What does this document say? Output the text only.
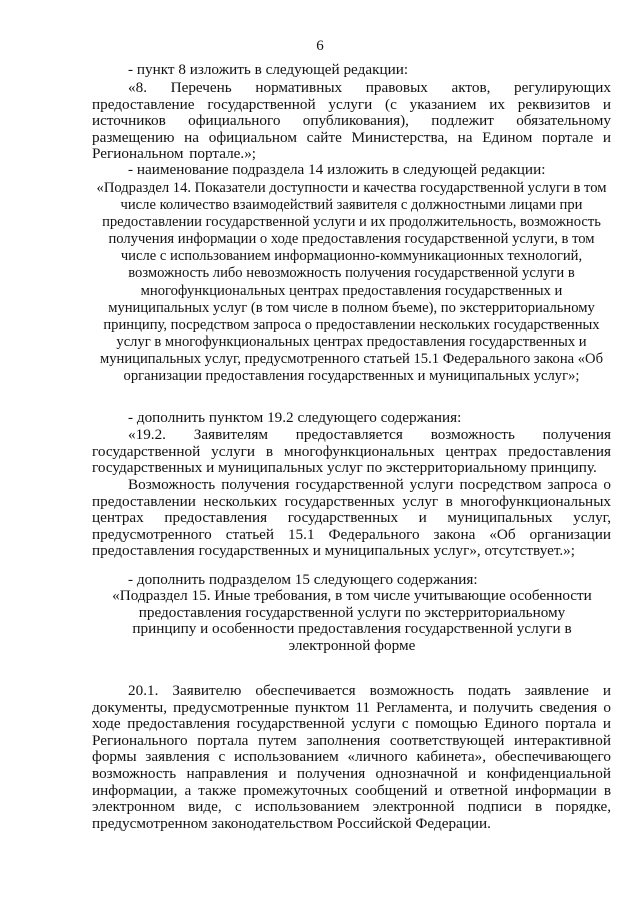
6

- пункт 8 изложить в следующей редакции:

«8. Перечень нормативных правовых актов, регулирующих предоставление государственной услуги (с указанием их реквизитов и источников официального опубликования), подлежит обязательному размещению на официальном сайте Министерства, на Едином портале и Региональном портале.»;

- наименование подраздела 14 изложить в следующей редакции:

«Подраздел 14. Показатели доступности и качества государственной услуги в том числе количество взаимодействий заявителя с должностными лицами при предоставлении государственной услуги и их продолжительность, возможность получения информации о ходе предоставления государственной услуги, в том числе с использованием информационно-коммуникационных технологий, возможность либо невозможность получения государственной услуги в многофункциональных центрах предоставления государственных и муниципальных услуг (в том числе в полном бъеме), по экстерриториальному принципу, посредством запроса о предоставлении нескольких государственных услуг в многофункциональных центрах предоставления государственных и муниципальных услуг, предусмотренного статьей 15.1 Федерального закона «Об организации предоставления государственных и муниципальных услуг»;

- дополнить пунктом 19.2 следующего содержания:

«19.2. Заявителям предоставляется возможность получения государственной услуги в многофункциональных центрах предоставления государственных и муниципальных услуг по экстерриториальному принципу.

Возможность получения государственной услуги посредством запроса о предоставлении нескольких государственных услуг в многофункциональных центрах предоставления государственных и муниципальных услуг, предусмотренного статьей 15.1 Федерального закона «Об организации предоставления государственных и муниципальных услуг», отсутствует.»;

- дополнить подразделом 15 следующего содержания:

«Подраздел 15. Иные требования, в том числе учитывающие особенности предоставления государственной услуги по экстерриториальному принципу и особенности предоставления государственной услуги в электронной форме

20.1. Заявителю обеспечивается возможность подать заявление и документы, предусмотренные пунктом 11 Регламента, и получить сведения о ходе предоставления государственной услуги с помощью Единого портала и Регионального портала путем заполнения соответствующей интерактивной формы заявления с использованием «личного кабинета», обеспечивающего возможность направления и получения однозначной и конфиденциальной информации, а также промежуточных сообщений и ответной информации в электронном виде, с использованием электронной подписи в порядке, предусмотренном законодательством Российской Федерации.
